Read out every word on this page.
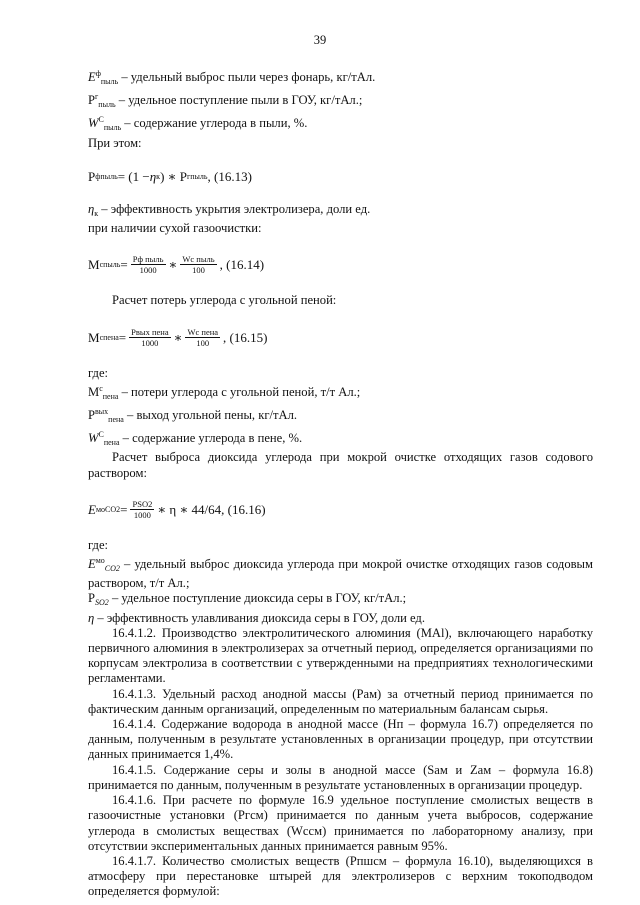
39
$E^ф_{пыль}$ – удельный выброс пыли через фонарь, кг/тАл.
$P^г_{пыль}$ – удельное поступление пыли в ГОУ, кг/тАл.;
$W^C_{пыль}$ – содержание углерода в пыли, %.
При этом:
P ф пыль = (1 − η к ) ∗ P г пыль , (16.13)
$\eta_к$ – эффективность укрытия электролизера, доли ед.
при наличии сухой газоочистки:
M c пыль = $\frac{\text{Pф пыль}}{1000}$ ∗ $\frac{\text{Wс пыль}}{100}$ , (16.14)
Расчет потерь углерода с угольной пеной:
M c пена = $\frac{\text{Pвых пена}}{1000}$ ∗ $\frac{\text{Wс пена}}{100}$ , (16.15)
где:
$M^c_{пена}$ – потери углерода с угольной пеной, т/т Ал.;
$P^{вых}_{пена}$ – выход угольной пены, кг/тАл.
$W^C_{пена}$ – содержание углерода в пене, %.

Расчет выброса диоксида углерода при мокрой очистке отходящих газов содового раствором:

E мо $CO2 = \frac{\text{PSO2}}{1000}$ ∗ η ∗ 44/64, (16.16)
где:

$E^{мо}_{CO2}$ – удельный выброс диоксида углерода при мокрой очистке отходящих газов содовым раствором, т/т Ал.;

$P_{SO2}$ – удельное поступление диоксида серы в ГОУ, кг/тАл.;
η – эффективность улавливания диоксида серы в ГОУ, доли ед.

16.4.1.2. Производство электролитического алюминия (MAl), включающего наработку первичного алюминия в электролизерах за отчетный период, определяется организациями по корпусам электролиза в соответствии с утвержденными на предприятиях технологическими регламентами.

16.4.1.3. Удельный расход анодной массы (Pам) за отчетный период принимается по фактическим данным организаций, определенным по материальным балансам сырья.

16.4.1.4. Содержание водорода в анодной массе (Hп – формула 16.7) определяется по данным, полученным в результате установленных в организации процедур, при отсутствии данных принимается 1,4%.

16.4.1.5. Содержание серы и золы в анодной массе (Sам и Zам – формула 16.8) принимается по данным, полученным в результате установленных в организации процедур.

16.4.1.6. При расчете по формуле 16.9 удельное поступление смолистых веществ в газоочистные установки (Pгсм) принимается по данным учета выбросов, содержание углерода в смолистых веществах (Wссм) принимается по лабораторному анализу, при отсутствии экспериментальных данных принимается равным 95%.

16.4.1.7. Количество смолистых веществ (Pпшсм – формула 16.10), выделяющихся в атмосферу при перестановке штырей для электролизеров с верхним токоподводом определяется формулой:
